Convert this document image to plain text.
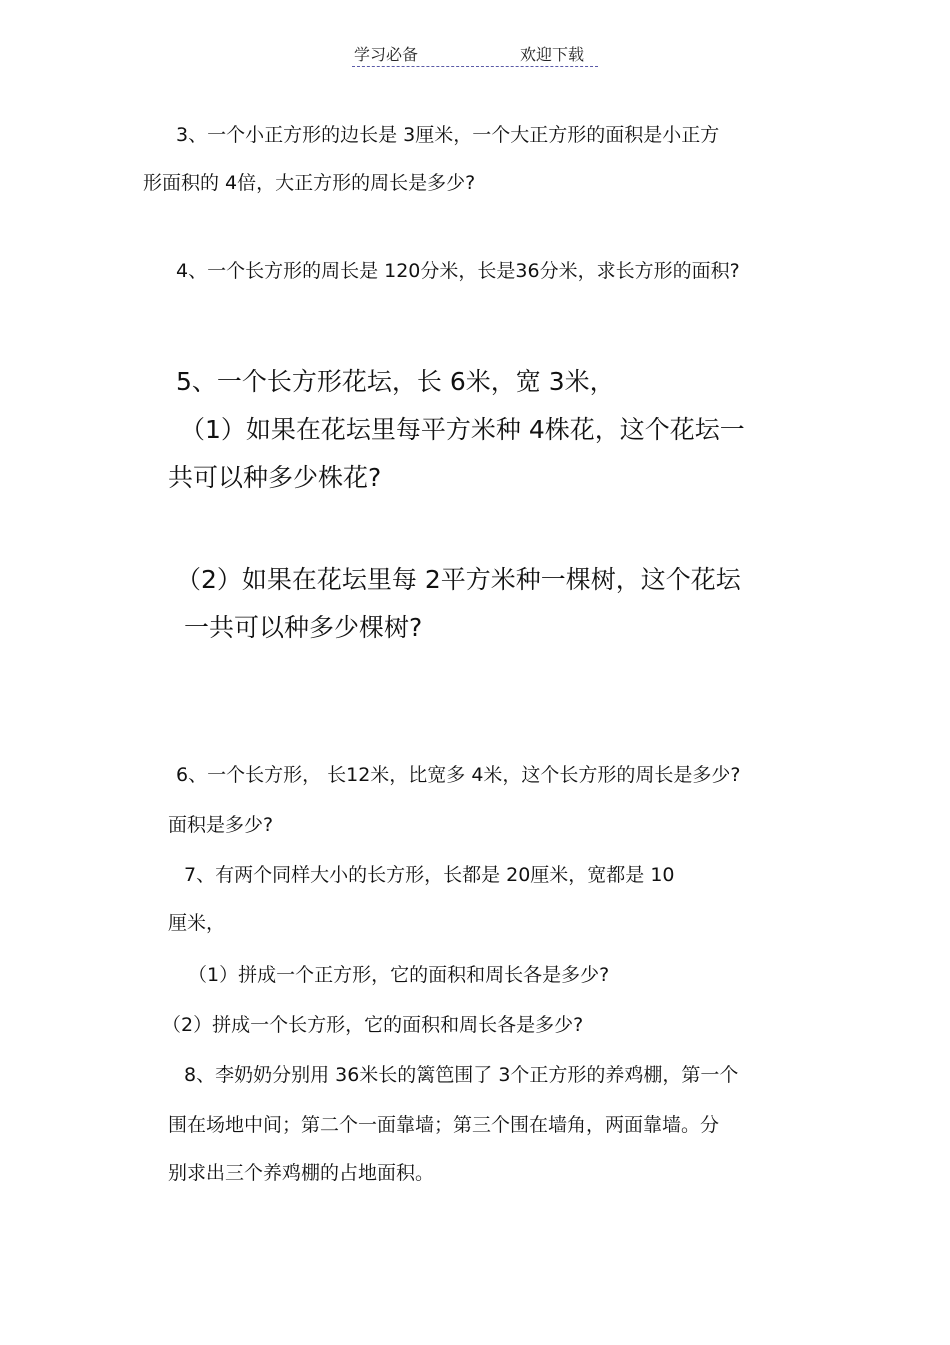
学习必备	欢迎下载

3、一个小正方形的边长是 3厘米，一个大正方形的面积是小正方

形面积的 4倍，大正方形的周长是多少?

4、一个长方形的周长是 120分米，长是36分米，求长方形的面积?

5、一个长方形花坛，长 6米，宽 3米，

（1）如果在花坛里每平方米种 4株花，这个花坛一

共可以种多少株花?

（2）如果在花坛里每 2平方米种一棵树，这个花坛

一共可以种多少棵树?

6、一个长方形， 长12米，比宽多 4米，这个长方形的周长是多少?

面积是多少?

7、有两个同样大小的长方形，长都是 20厘米，宽都是 10

厘米，

（1）拼成一个正方形，它的面积和周长各是多少?

（2）拼成一个长方形，它的面积和周长各是多少?

8、李奶奶分别用 36米长的篱笆围了 3个正方形的养鸡棚，第一个

围在场地中间；第二个一面靠墙；第三个围在墙角，两面靠墙。分

别求出三个养鸡棚的占地面积。
